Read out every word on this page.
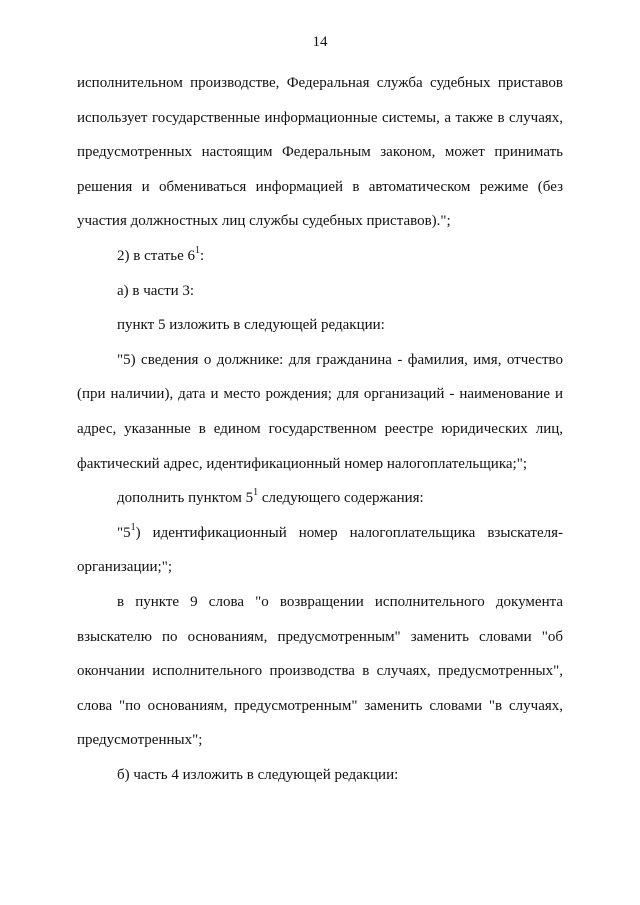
14

исполнительном производстве, Федеральная служба судебных приставов использует государственные информационные системы, а также в случаях, предусмотренных настоящим Федеральным законом, может принимать решения и обмениваться информацией в автоматическом режиме (без участия должностных лиц службы судебных приставов).";

2) в статье $6^1$:

а) в части 3:

пункт 5 изложить в следующей редакции:

"5) сведения о должнике: для гражданина - фамилия, имя, отчество (при наличии), дата и место рождения; для организаций - наименование и адрес, указанные в едином государственном реестре юридических лиц, фактический адрес, идентификационный номер налогоплательщика;";

дополнить пунктом $5^1$ следующего содержания:

"$5^1$) идентификационный номер налогоплательщика взыскателя-организации;";

в пункте 9 слова "о возвращении исполнительного документа взыскателю по основаниям, предусмотренным" заменить словами "об окончании исполнительного производства в случаях, предусмотренных", слова "по основаниям, предусмотренным" заменить словами "в случаях, предусмотренных";

б) часть 4 изложить в следующей редакции:
